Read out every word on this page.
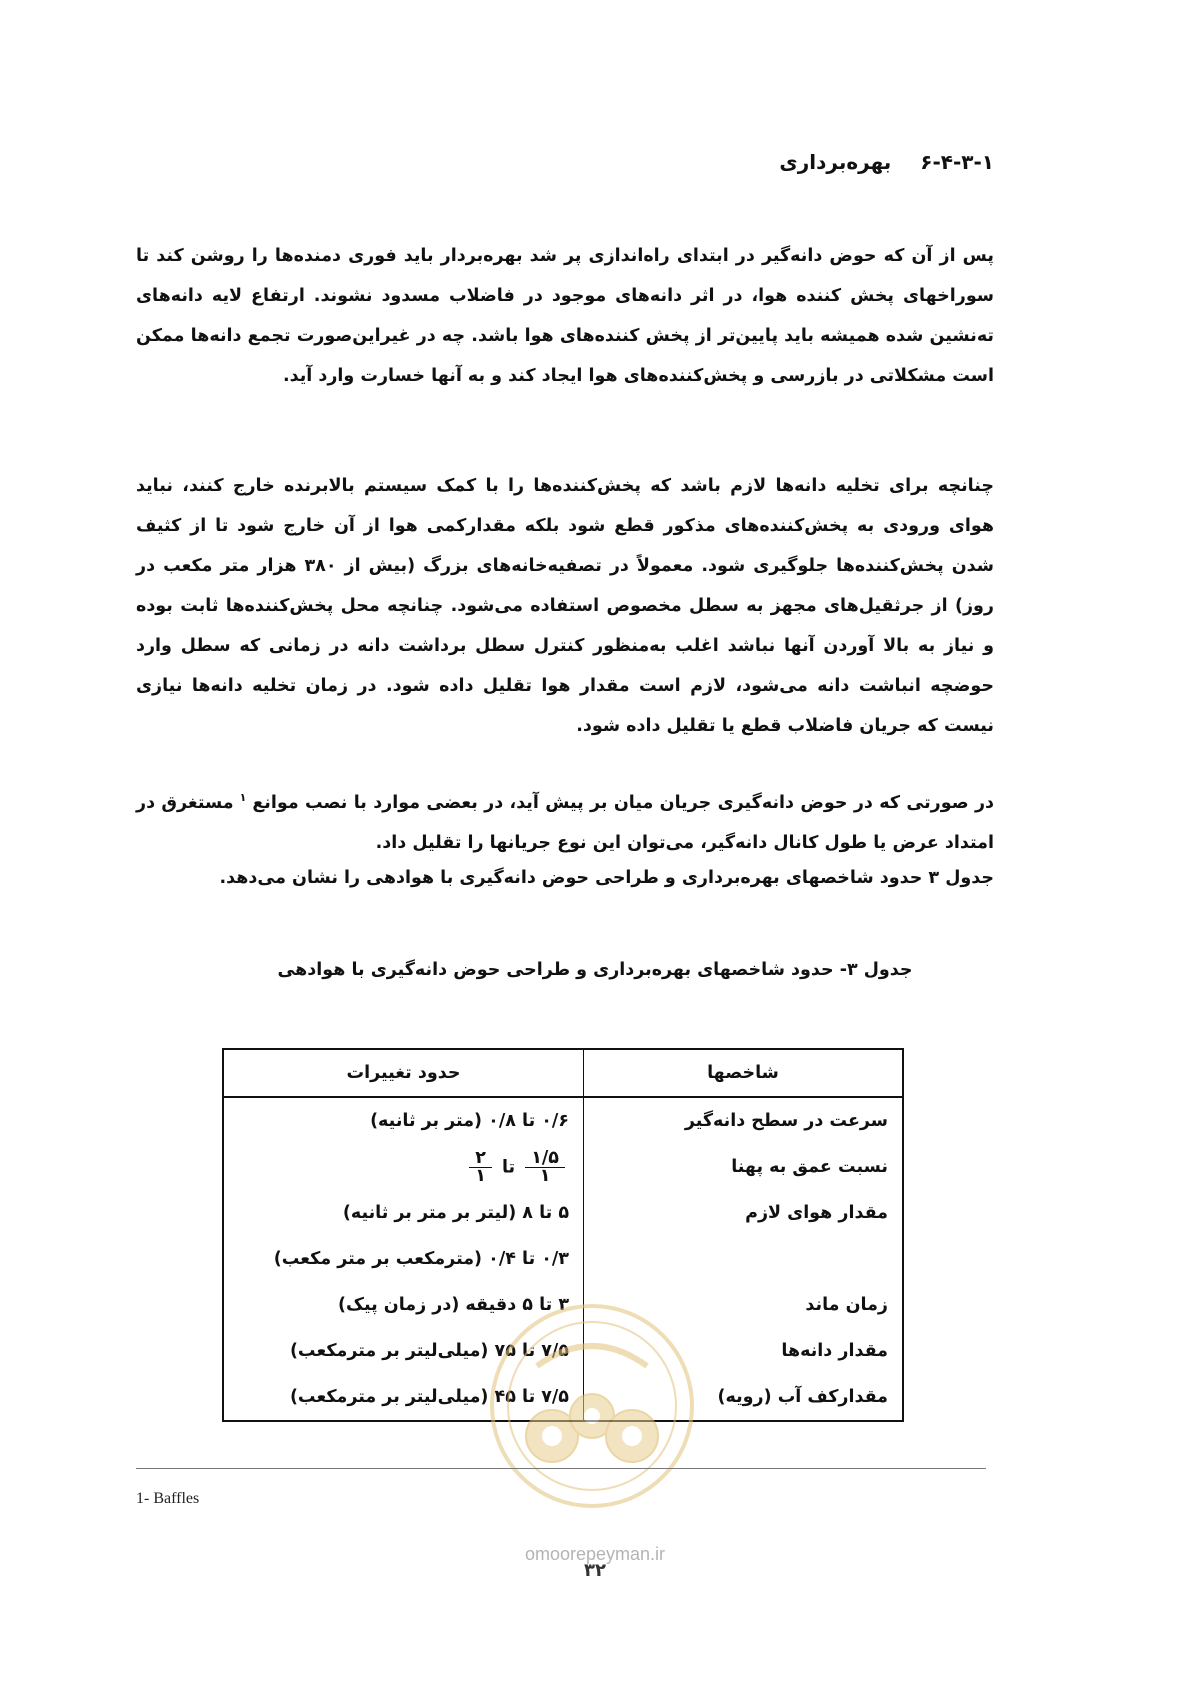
۶-۴-۳-۱ بهره‌برداری

پس از آن که حوض دانه‌گیر در ابتدای راه‌اندازی پر شد بهره‌بردار باید فوری دمنده‌ها را روشن کند تا سوراخهای پخش کننده هوا، در اثر دانه‌های موجود در فاضلاب مسدود نشوند. ارتفاع لایه دانه‌های ته‌نشین شده همیشه باید پایین‌تر از پخش کننده‌های هوا باشد. چه در غیراین‌صورت تجمع دانه‌ها ممکن است مشکلاتی در بازرسی و پخش‌کننده‌های هوا ایجاد کند و به آنها خسارت وارد آید.

چنانچه برای تخلیه دانه‌ها لازم باشد که پخش‌کننده‌ها را با کمک سیستم بالابرنده خارج کنند، نباید هوای ورودی به پخش‌کننده‌های مذکور قطع شود بلکه مقدارکمی هوا از آن خارج شود تا از کثیف شدن پخش‌کننده‌ها جلوگیری شود. معمولاً در تصفیه‌خانه‌های بزرگ (بیش از ۳۸۰ هزار متر مکعب در روز) از جرثقیل‌های مجهز به سطل مخصوص استفاده می‌شود. چنانچه محل پخش‌کننده‌ها ثابت بوده و نیاز به بالا آوردن آنها نباشد اغلب به‌منظور کنترل سطل برداشت دانه در زمانی که سطل وارد حوضچه انباشت دانه می‌شود، لازم است مقدار هوا تقلیل داده شود. در زمان تخلیه دانه‌ها نیازی نیست که جریان فاضلاب قطع یا تقلیل داده شود.

در صورتی که در حوض دانه‌گیری جریان میان بر پیش آید، در بعضی موارد با نصب موانع$^۱$مستغرق در امتداد عرض یا طول کانال دانه‌گیر، می‌توان این نوع جریانها را تقلیل داد.

جدول ۳ حدود شاخصهای بهره‌برداری و طراحی حوض دانه‌گیری با هوادهی را نشان می‌دهد.

جدول ۳- حدود شاخصهای بهره‌برداری و طراحی حوض دانه‌گیری با هوادهی
شاخصها	حدود تغییرات
سرعت در سطح دانه‌گیر	۰/۶ تا ۰/۸ (متر بر ثانیه)
نسبت عمق به پهنا	$\frac{۱/۵}{۱}$
تا
$\frac{۲}{۱}$

مقدار هوای لازم	۵ تا ۸ (لیتر بر متر بر ثانیه)
	۰/۳ تا ۰/۴ (مترمکعب بر متر مکعب)
زمان ماند	۳ تا ۵ دقیقه (در زمان پیک)
مقدار دانه‌ها	۷/۵ تا ۷۵ (میلی‌لیتر بر مترمکعب)
مقدارکف آب (رویه)	۷/۵ تا ۴۵ (میلی‌لیتر بر مترمکعب)
1- Baffles
omoorepeyman.ir
۳۲
